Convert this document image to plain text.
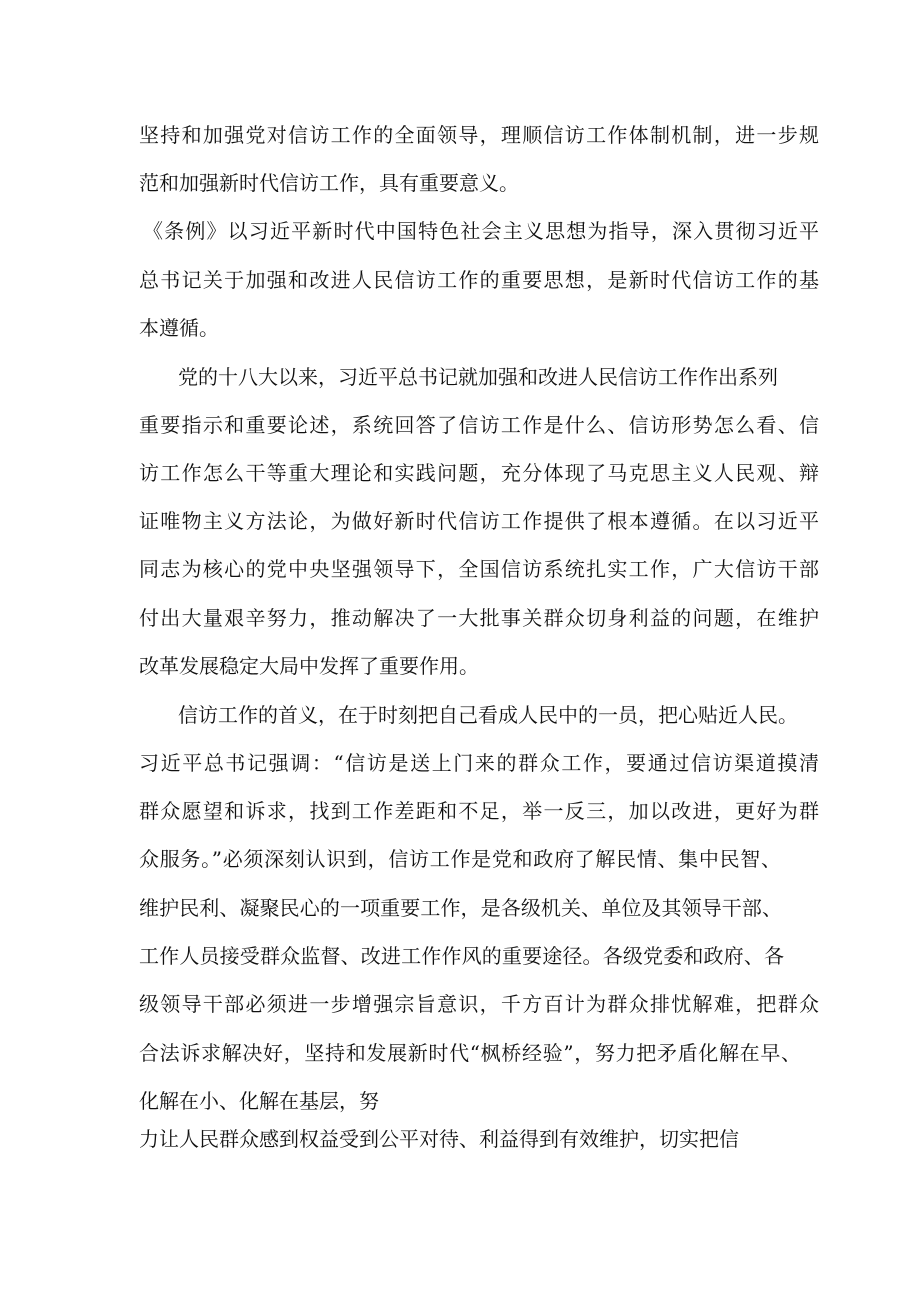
坚持和加强党对信访工作的全面领导，理顺信访工作体制机制，进一步规
范和加强新时代信访工作，具有重要意义。
《条例》以习近平新时代中国特色社会主义思想为指导，深入贯彻习近平
总书记关于加强和改进人民信访工作的重要思想，是新时代信访工作的基
本遵循。
党的十八大以来，习近平总书记就加强和改进人民信访工作作出系列
重要指示和重要论述，系统回答了信访工作是什么、信访形势怎么看、信
访工作怎么干等重大理论和实践问题，充分体现了马克思主义人民观、辩
证唯物主义方法论，为做好新时代信访工作提供了根本遵循。在以习近平
同志为核心的党中央坚强领导下，全国信访系统扎实工作，广大信访干部
付出大量艰辛努力，推动解决了一大批事关群众切身利益的问题，在维护
改革发展稳定大局中发挥了重要作用。
信访工作的首义，在于时刻把自己看成人民中的一员，把心贴近人民。
习近平总书记强调：“信访是送上门来的群众工作，要通过信访渠道摸清
群众愿望和诉求，找到工作差距和不足，举一反三，加以改进，更好为群
众服务。”必须深刻认识到，信访工作是党和政府了解民情、集中民智、
维护民利、凝聚民心的一项重要工作，是各级机关、单位及其领导干部、
工作人员接受群众监督、改进工作作风的重要途径。各级党委和政府、各
级领导干部必须进一步增强宗旨意识，千方百计为群众排忧解难，把群众
合法诉求解决好，坚持和发展新时代“枫桥经验”，努力把矛盾化解在早、
化解在小、化解在基层，努
力让人民群众感到权益受到公平对待、利益得到有效维护，切实把信
